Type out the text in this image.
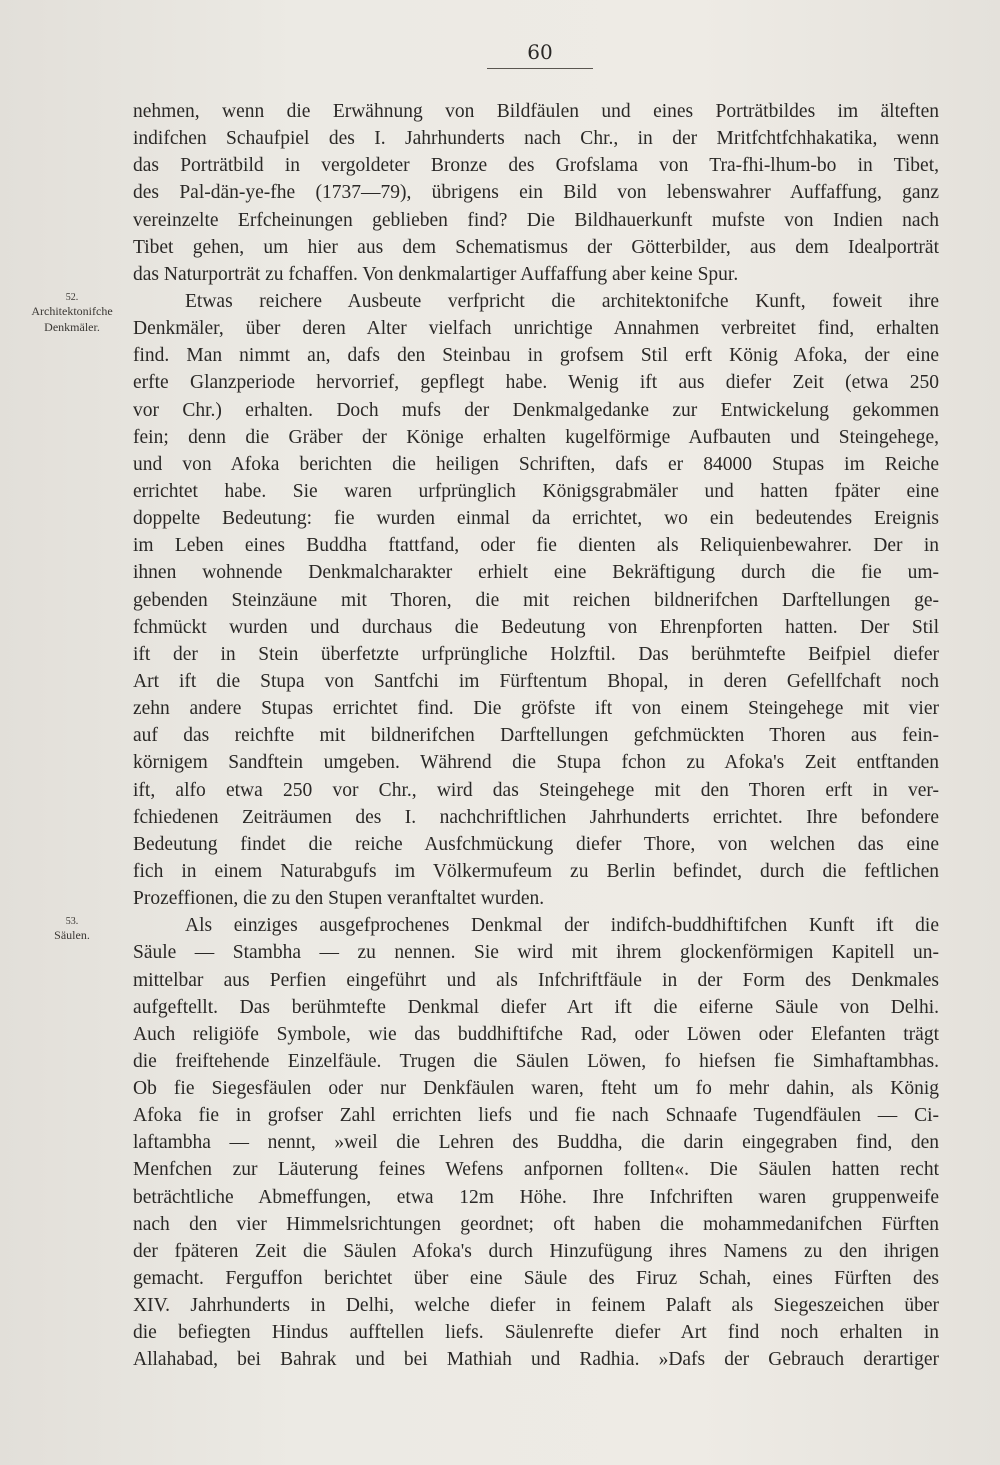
60
52.
Architektonifche
Denkmäler.
53.
Säulen.
nehmen, wenn die Erwähnung von Bildfäulen und eines Porträtbildes im älteften
indifchen Schaufpiel des I. Jahrhunderts nach Chr., in der Mritfchtfchhakatika, wenn
das Porträtbild in vergoldeter Bronze des Grofslama von Tra-fhi-lhum-bo in Tibet,
des Pal-dän-ye-fhe (1737—79), übrigens ein Bild von lebenswahrer Auffaffung, ganz
vereinzelte Erfcheinungen geblieben find? Die Bildhauerkunft mufste von Indien nach
Tibet gehen, um hier aus dem Schematismus der Götterbilder, aus dem Idealporträt
das Naturporträt zu fchaffen. Von denkmalartiger Auffaffung aber keine Spur.
Etwas reichere Ausbeute verfpricht die architektonifche Kunft, foweit ihre
Denkmäler, über deren Alter vielfach unrichtige Annahmen verbreitet find, erhalten
find. Man nimmt an, dafs den Steinbau in grofsem Stil erft König Afoka, der eine
erfte Glanzperiode hervorrief, gepflegt habe. Wenig ift aus diefer Zeit (etwa 250
vor Chr.) erhalten. Doch mufs der Denkmalgedanke zur Entwickelung gekommen
fein; denn die Gräber der Könige erhalten kugelförmige Aufbauten und Steingehege,
und von Afoka berichten die heiligen Schriften, dafs er 84000 Stupas im Reiche
errichtet habe. Sie waren urfprünglich Königsgrabmäler und hatten fpäter eine
doppelte Bedeutung: fie wurden einmal da errichtet, wo ein bedeutendes Ereignis
im Leben eines Buddha ftattfand, oder fie dienten als Reliquienbewahrer. Der in
ihnen wohnende Denkmalcharakter erhielt eine Bekräftigung durch die fie um-
gebenden Steinzäune mit Thoren, die mit reichen bildnerifchen Darftellungen ge-
fchmückt wurden und durchaus die Bedeutung von Ehrenpforten hatten. Der Stil
ift der in Stein überfetzte urfprüngliche Holzftil. Das berühmtefte Beifpiel diefer
Art ift die Stupa von Santfchi im Fürftentum Bhopal, in deren Gefellfchaft noch
zehn andere Stupas errichtet find. Die gröfste ift von einem Steingehege mit vier
auf das reichfte mit bildnerifchen Darftellungen gefchmückten Thoren aus fein-
körnigem Sandftein umgeben. Während die Stupa fchon zu Afoka's Zeit entftanden
ift, alfo etwa 250 vor Chr., wird das Steingehege mit den Thoren erft in ver-
fchiedenen Zeiträumen des I. nachchriftlichen Jahrhunderts errichtet. Ihre befondere
Bedeutung findet die reiche Ausfchmückung diefer Thore, von welchen das eine
fich in einem Naturabgufs im Völkermufeum zu Berlin befindet, durch die feftlichen
Prozeffionen, die zu den Stupen veranftaltet wurden.
Als einziges ausgefprochenes Denkmal der indifch-buddhiftifchen Kunft ift die
Säule — Stambha — zu nennen. Sie wird mit ihrem glockenförmigen Kapitell un-
mittelbar aus Perfien eingeführt und als Infchriftfäule in der Form des Denkmales
aufgeftellt. Das berühmtefte Denkmal diefer Art ift die eiferne Säule von Delhi.
Auch religiöfe Symbole, wie das buddhiftifche Rad, oder Löwen oder Elefanten trägt
die freiftehende Einzelfäule. Trugen die Säulen Löwen, fo hiefsen fie Simhaftambhas.
Ob fie Siegesfäulen oder nur Denkfäulen waren, fteht um fo mehr dahin, als König
Afoka fie in grofser Zahl errichten liefs und fie nach Schnaafe Tugendfäulen — Ci-
laftambha — nennt, »weil die Lehren des Buddha, die darin eingegraben find, den
Menfchen zur Läuterung feines Wefens anfpornen follten«. Die Säulen hatten recht
beträchtliche Abmeffungen, etwa 12m Höhe. Ihre Infchriften waren gruppenweife
nach den vier Himmelsrichtungen geordnet; oft haben die mohammedanifchen Fürften
der fpäteren Zeit die Säulen Afoka's durch Hinzufügung ihres Namens zu den ihrigen
gemacht. Ferguffon berichtet über eine Säule des Firuz Schah, eines Fürften des
XIV. Jahrhunderts in Delhi, welche diefer in feinem Palaft als Siegeszeichen über
die befiegten Hindus aufftellen liefs. Säulenrefte diefer Art find noch erhalten in
Allahabad, bei Bahrak und bei Mathiah und Radhia. »Dafs der Gebrauch derartiger
